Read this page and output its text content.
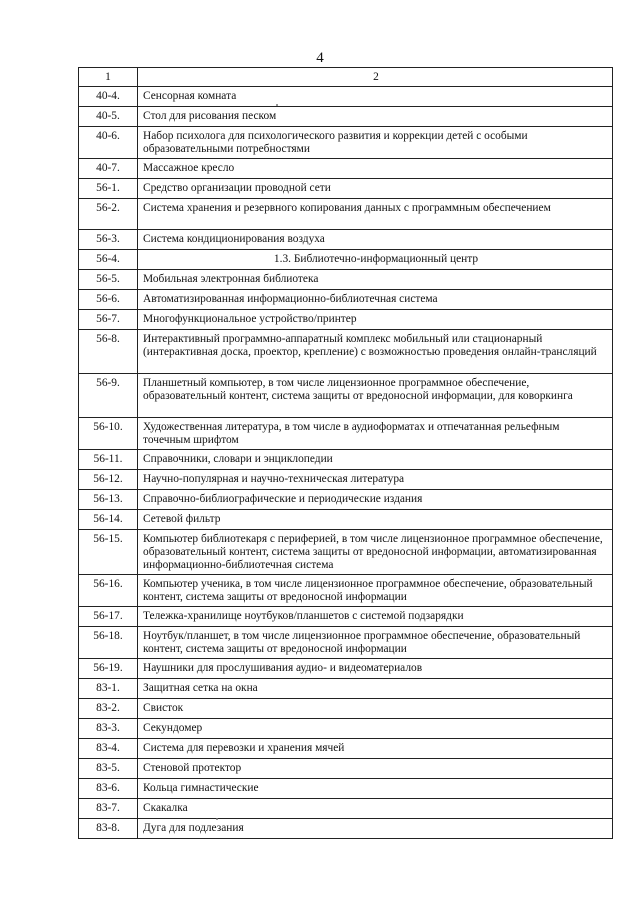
4
1	2
40-4.	Сенсорная комната
40-5.	Стол для рисования песком
40-6.	Набор психолога для психологического развития и коррекции детей с особыми образовательными потребностями
40-7.	Массажное кресло
56-1.	Средство организации проводной сети
56-2.	Система хранения и резервного копирования данных с программным обеспечением
56-3.	Система кондиционирования воздуха
56-4.	1.3. Библиотечно-информационный центр
56-5.	Мобильная электронная библиотека
56-6.	Автоматизированная информационно-библиотечная система
56-7.	Многофункциональное устройство/принтер
56-8.	Интерактивный программно-аппаратный комплекс мобильный или стационарный (интерактивная доска, проектор, крепление) с возможностью проведения онлайн-трансляций
56-9.	Планшетный компьютер, в том числе лицензионное программное обеспечение, образовательный контент, система защиты от вредоносной информации, для коворкинга
56-10.	Художественная литература, в том числе в аудиоформатах и отпечатанная рельефным точечным шрифтом
56-11.	Справочники, словари и энциклопедии
56-12.	Научно-популярная и научно-техническая литература
56-13.	Справочно-библиографические и периодические издания
56-14.	Сетевой фильтр
56-15.	Компьютер библиотекаря с периферией, в том числе лицензионное программное обеспечение, образовательный контент, система защиты от вредоносной информации, автоматизированная информационно-библиотечная система
56-16.	Компьютер ученика, в том числе лицензионное программное обеспечение, образовательный контент, система защиты от вредоносной информации
56-17.	Тележка-хранилище ноутбуков/планшетов с системой подзарядки
56-18.	Ноутбук/планшет, в том числе лицензионное программное обеспечение, образовательный контент, система защиты от вредоносной информации
56-19.	Наушники для прослушивания аудио- и видеоматериалов
83-1.	Защитная сетка на окна
83-2.	Свисток
83-3.	Секундомер
83-4.	Система для перевозки и хранения мячей
83-5.	Стеновой протектор
83-6.	Кольца гимнастические
83-7.	Скакалка
83-8.	Дуга для подлезания
